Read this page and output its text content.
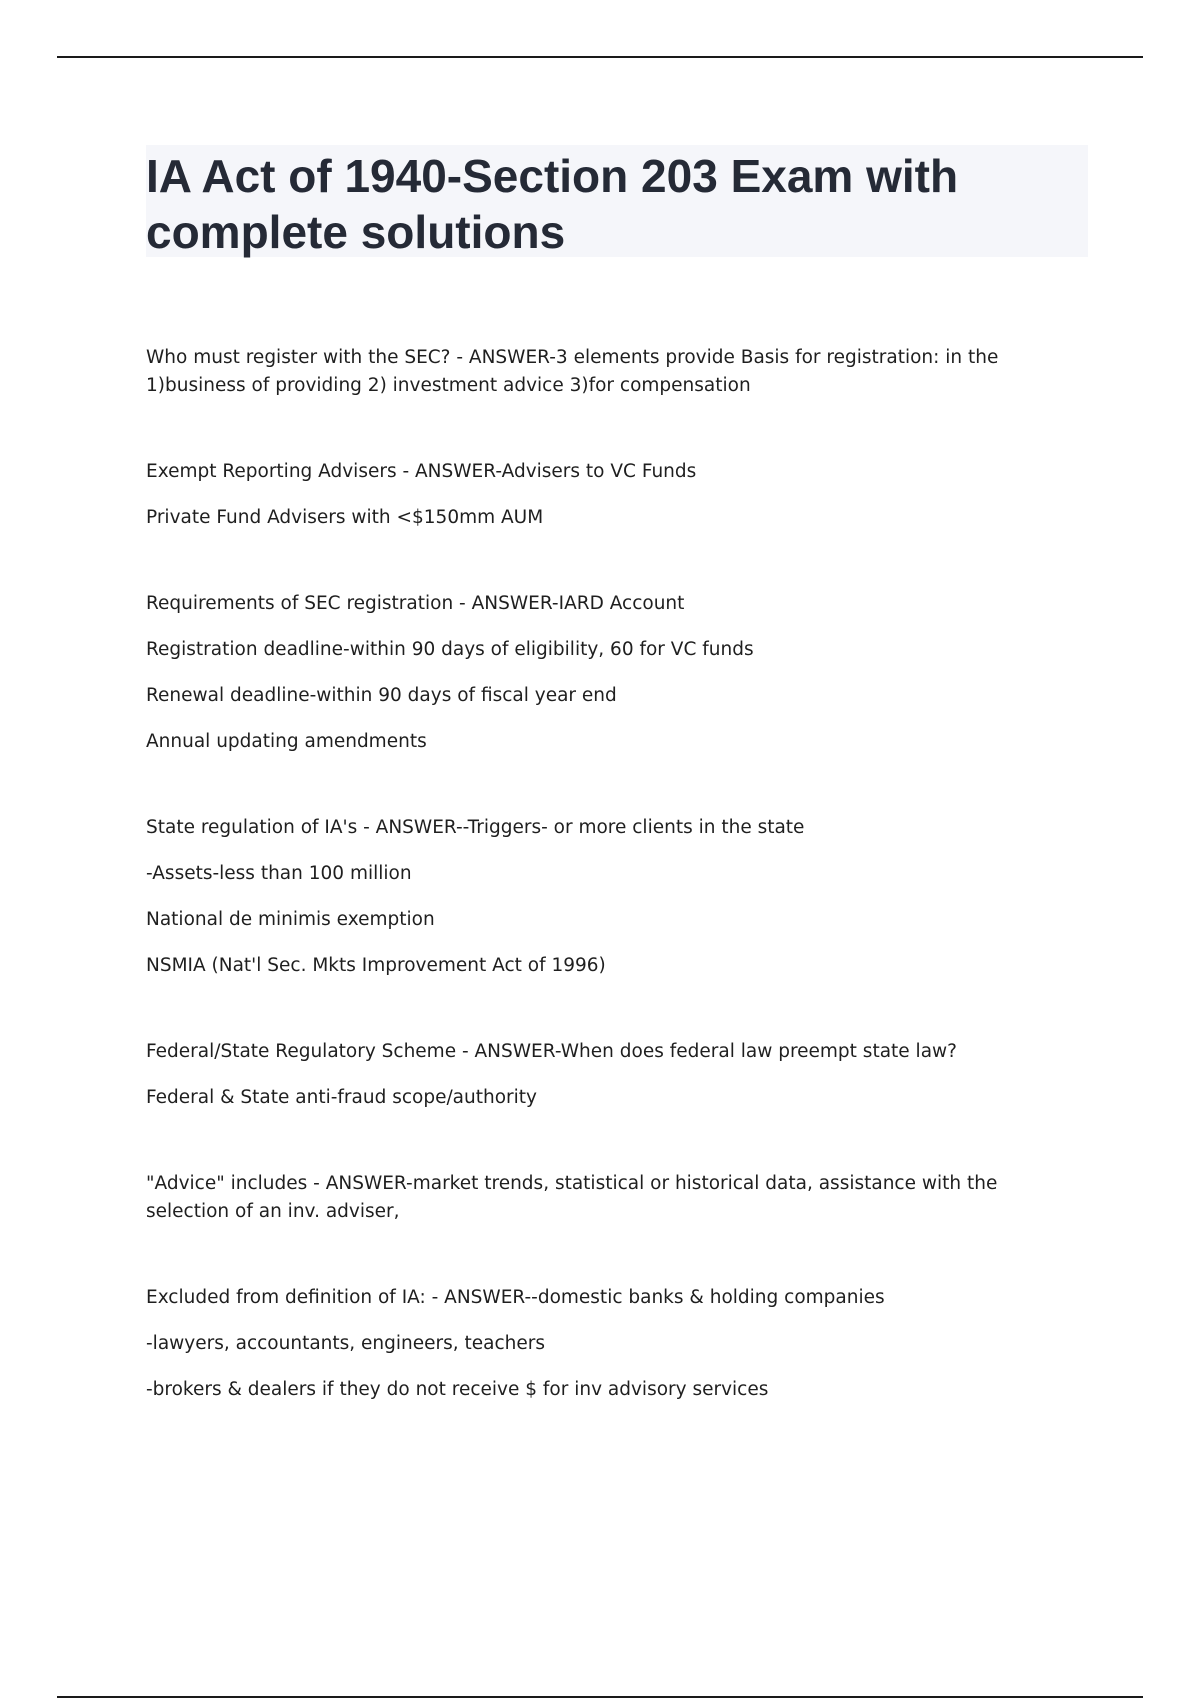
IA Act of 1940-Section 203 Exam with complete solutions

Who must register with the SEC? - ANSWER-3 elements provide Basis for registration: in the 1)business of providing 2) investment advice 3)for compensation

Exempt Reporting Advisers - ANSWER-Advisers to VC Funds

Private Fund Advisers with <$150mm AUM

Requirements of SEC registration - ANSWER-IARD Account

Registration deadline-within 90 days of eligibility, 60 for VC funds

Renewal deadline-within 90 days of fiscal year end

Annual updating amendments

State regulation of IA's - ANSWER--Triggers- or more clients in the state

-Assets-less than 100 million

National de minimis exemption

NSMIA (Nat'l Sec. Mkts Improvement Act of 1996)

Federal/State Regulatory Scheme - ANSWER-When does federal law preempt state law?

Federal & State anti-fraud scope/authority

"Advice" includes - ANSWER-market trends, statistical or historical data, assistance with the selection of an inv. adviser,

Excluded from definition of IA: - ANSWER--domestic banks & holding companies

-lawyers, accountants, engineers, teachers

-brokers & dealers if they do not receive $ for inv advisory services
